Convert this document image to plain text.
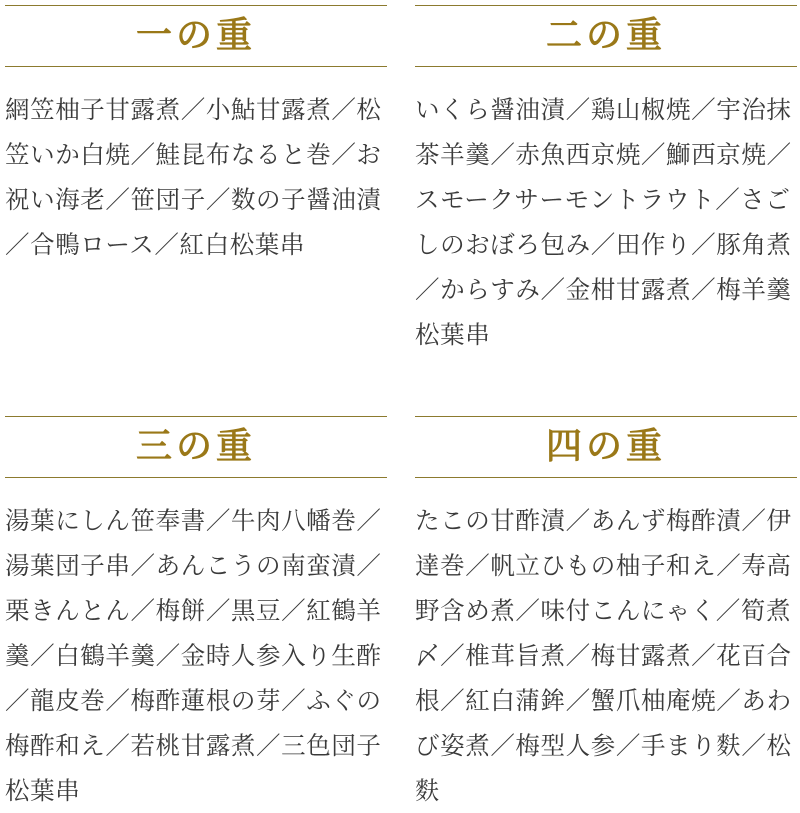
一の重
網笠柚子甘露煮／小鮎甘露煮／松笠いか白焼／鮭昆布なると巻／お祝い海老／笹団子／数の子醤油漬／合鴨ロース／紅白松葉串
二の重
いくら醤油漬／鶏山椒焼／宇治抹茶羊羹／赤魚西京焼／鰤西京焼／スモークサーモントラウト／さごしのおぼろ包み／田作り／豚角煮／からすみ／金柑甘露煮／梅羊羹松葉串
三の重
湯葉にしん笹奉書／牛肉八幡巻／湯葉団子串／あんこうの南蛮漬／栗きんとん／梅餅／黒豆／紅鶴羊羹／白鶴羊羹／金時人参入り生酢／龍皮巻／梅酢蓮根の芽／ふぐの梅酢和え／若桃甘露煮／三色団子松葉串
四の重
たこの甘酢漬／あんず梅酢漬／伊達巻／帆立ひもの柚子和え／寿高野含め煮／味付こんにゃく／筍煮〆／椎茸旨煮／梅甘露煮／花百合根／紅白蒲鉾／蟹爪柚庵焼／あわび姿煮／梅型人参／手まり麩／松麩
